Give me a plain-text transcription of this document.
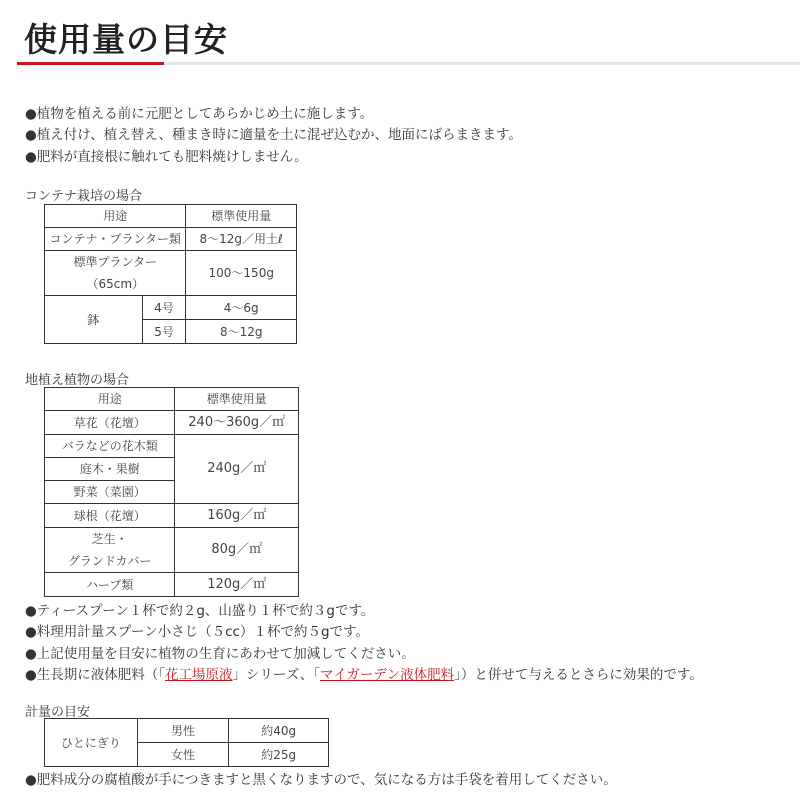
使用量の目安
●植物を植える前に元肥としてあらかじめ土に施します。
●植え付け、植え替え、種まき時に適量を土に混ぜ込むか、地面にばらまきます。
●肥料が直接根に触れても肥料焼けしません。
コンテナ栽培の場合
用途		標準使用量
コンテナ・プランター類		8～12g／用土ℓ

標準プランター
（65cm）		100～150g
鉢	4号	4～6g
	5号	8～12g
地植え植物の場合
用途	標準使用量
草花（花壇）	240～360g／㎡
バラなどの花木類	240g／㎡
庭木・果樹	
野菜（菜園）	
球根（花壇）	160g／㎡

芝生・
グランドカバー	80g／㎡
ハーブ類	120g／㎡
●ティースプーン１杯で約２g、山盛り１杯で約３gです。
●料理用計量スプーン小さじ（５cc）１杯で約５gです。
●上記使用量を目安に植物の生育にあわせて加減してください。
●生長期に液体肥料（「花工場原液」シリーズ、「マイガーデン液体肥料」）と併せて与えるとさらに効果的です。
計量の目安
ひとにぎり	男性	約40g
	女性	約25g
●肥料成分の腐植酸が手につきますと黒くなりますので、気になる方は手袋を着用してください。
